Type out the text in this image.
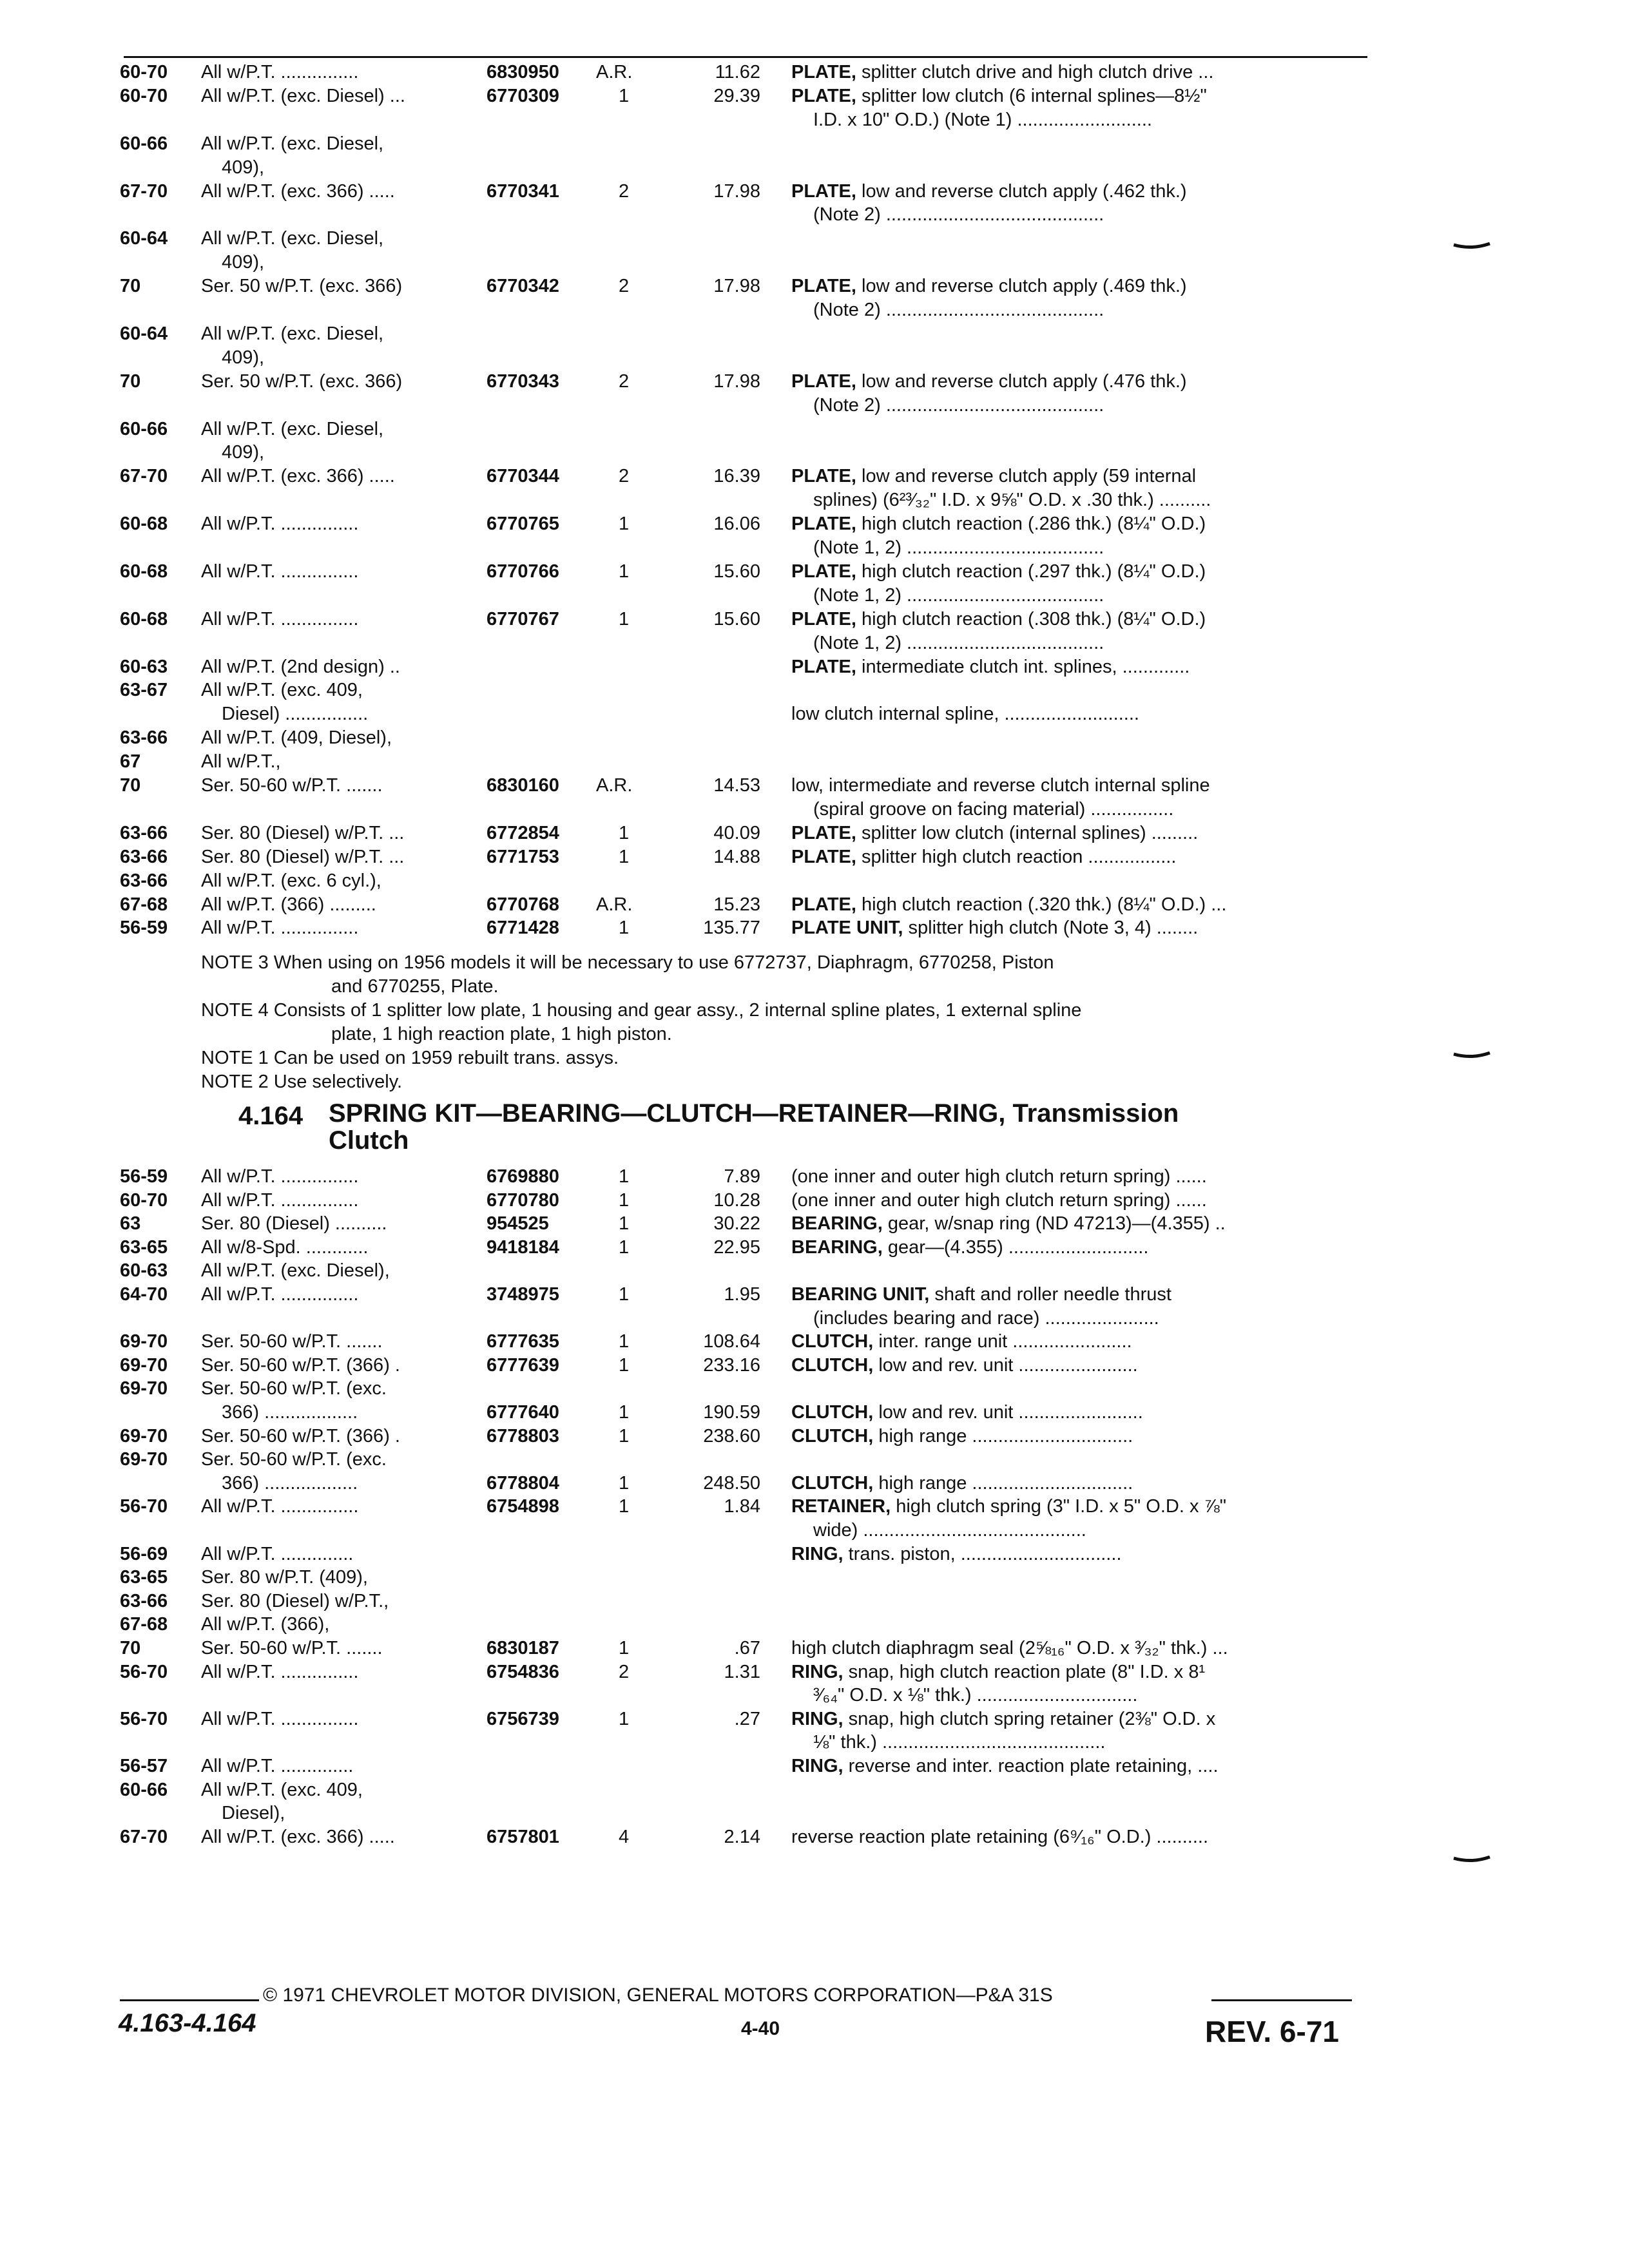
60-70	All w/P.T. ...............	6830950	A.R.	11.62 PLATE, splitter clutch drive and high clutch drive ...
60-70	All w/P.T. (exc. Diesel) ...	6770309	1	29.39 PLATE, splitter low clutch (6 internal splines—8½"
I.D. x 10" O.D.) (Note 1) ..........................
60-66	All w/P.T. (exc. Diesel,
409),
67-70	All w/P.T. (exc. 366) .....	6770341	2	17.98 PLATE, low and reverse clutch apply (.462 thk.)
(Note 2) ..........................................
60-64	All w/P.T. (exc. Diesel,
409),
70	Ser. 50 w/P.T. (exc. 366)	6770342	2	17.98 PLATE, low and reverse clutch apply (.469 thk.)
(Note 2) ..........................................
60-64	All w/P.T. (exc. Diesel,
409),
70	Ser. 50 w/P.T. (exc. 366)	6770343	2	17.98 PLATE, low and reverse clutch apply (.476 thk.)
(Note 2) ..........................................
60-66	All w/P.T. (exc. Diesel,
409),
67-70	All w/P.T. (exc. 366) .....	6770344	2	16.39 PLATE, low and reverse clutch apply (59 internal
splines) (6²³⁄₃₂" I.D. x 9⅝" O.D. x .30 thk.) ..........
60-68	All w/P.T. ...............	6770765	1	16.06 PLATE, high clutch reaction (.286 thk.) (8¼" O.D.)
(Note 1, 2) ......................................
60-68	All w/P.T. ...............	6770766	1	15.60 PLATE, high clutch reaction (.297 thk.) (8¼" O.D.)
(Note 1, 2) ......................................
60-68	All w/P.T. ...............	6770767	1	15.60 PLATE, high clutch reaction (.308 thk.) (8¼" O.D.)
(Note 1, 2) ......................................
60-63	All w/P.T. (2nd design) ..	PLATE, intermediate clutch int. splines, .............
63-67	All w/P.T. (exc. 409,
Diesel) ................	low clutch internal spline, ..........................
63-66	All w/P.T. (409, Diesel),
67	All w/P.T.,
70	Ser. 50-60 w/P.T. .......	6830160	A.R.	14.53 low, intermediate and reverse clutch internal spline
(spiral groove on facing material) ................
63-66	Ser. 80 (Diesel) w/P.T. ...	6772854	1	40.09 PLATE, splitter low clutch (internal splines) .........
63-66	Ser. 80 (Diesel) w/P.T. ...	6771753	1	14.88 PLATE, splitter high clutch reaction .................
63-66	All w/P.T. (exc. 6 cyl.),
67-68	All w/P.T. (366) .........	6770768	A.R.	15.23 PLATE, high clutch reaction (.320 thk.) (8¼" O.D.) ...
56-59	All w/P.T. ...............	6771428	1	135.77 PLATE UNIT, splitter high clutch (Note 3, 4) ........
NOTE 3 When using on 1956 models it will be necessary to use 6772737, Diaphragm, 6770258, Piston
and 6770255, Plate.
NOTE 4 Consists of 1 splitter low plate, 1 housing and gear assy., 2 internal spline plates, 1 external spline
plate, 1 high reaction plate, 1 high piston.
NOTE 1 Can be used on 1959 rebuilt trans. assys.
NOTE 2 Use selectively.
4.164 SPRING KIT—BEARING—CLUTCH—RETAINER—RING, Transmission
Clutch
56-59	All w/P.T. ...............	6769880	1	7.89 (one inner and outer high clutch return spring) ......
60-70	All w/P.T. ...............	6770780	1	10.28 (one inner and outer high clutch return spring) ......
63	Ser. 80 (Diesel) ..........	954525	1	30.22 BEARING, gear, w/snap ring (ND 47213)—(4.355) ..
63-65	All w/8-Spd. ............	9418184	1	22.95 BEARING, gear—(4.355) ...........................
60-63	All w/P.T. (exc. Diesel),
64-70	All w/P.T. ...............	3748975	1	1.95 BEARING UNIT, shaft and roller needle thrust
(includes bearing and race) ......................
69-70	Ser. 50-60 w/P.T. .......	6777635	1	108.64 CLUTCH, inter. range unit .......................
69-70	Ser. 50-60 w/P.T. (366) .	6777639	1	233.16 CLUTCH, low and rev. unit .......................
69-70	Ser. 50-60 w/P.T. (exc.
366) ..................	6777640	1	190.59 CLUTCH, low and rev. unit ........................
69-70	Ser. 50-60 w/P.T. (366) .	6778803	1	238.60 CLUTCH, high range ...............................
69-70	Ser. 50-60 w/P.T. (exc.
366) ..................	6778804	1	248.50 CLUTCH, high range ...............................
56-70	All w/P.T. ...............	6754898	1	1.84 RETAINER, high clutch spring (3" I.D. x 5" O.D. x ⅞"
wide) ...........................................
56-69	All w/P.T. ..............	RING, trans. piston, ...............................
63-65	Ser. 80 w/P.T. (409),
63-66	Ser. 80 (Diesel) w/P.T.,
67-68	All w/P.T. (366),
70	Ser. 50-60 w/P.T. .......	6830187	1	.67 high clutch diaphragm seal (2⅝₁₆" O.D. x ³⁄₃₂" thk.) ...
56-70	All w/P.T. ...............	6754836	2	1.31 RING, snap, high clutch reaction plate (8" I.D. x 8¹
³⁄₆₄" O.D. x ⅛" thk.) ...............................
56-70	All w/P.T. ...............	6756739	1	.27 RING, snap, high clutch spring retainer (2⅜" O.D. x
⅛" thk.) ...........................................
56-57	All w/P.T. ..............	RING, reverse and inter. reaction plate retaining, ....
60-66	All w/P.T. (exc. 409,
Diesel),
67-70	All w/P.T. (exc. 366) .....	6757801	4	2.14 reverse reaction plate retaining (6⁹⁄₁₆" O.D.) ..........
© 1971 CHEVROLET MOTOR DIVISION, GENERAL MOTORS CORPORATION—P&A 31S
4.163-4.164	4-40	REV. 6-71
